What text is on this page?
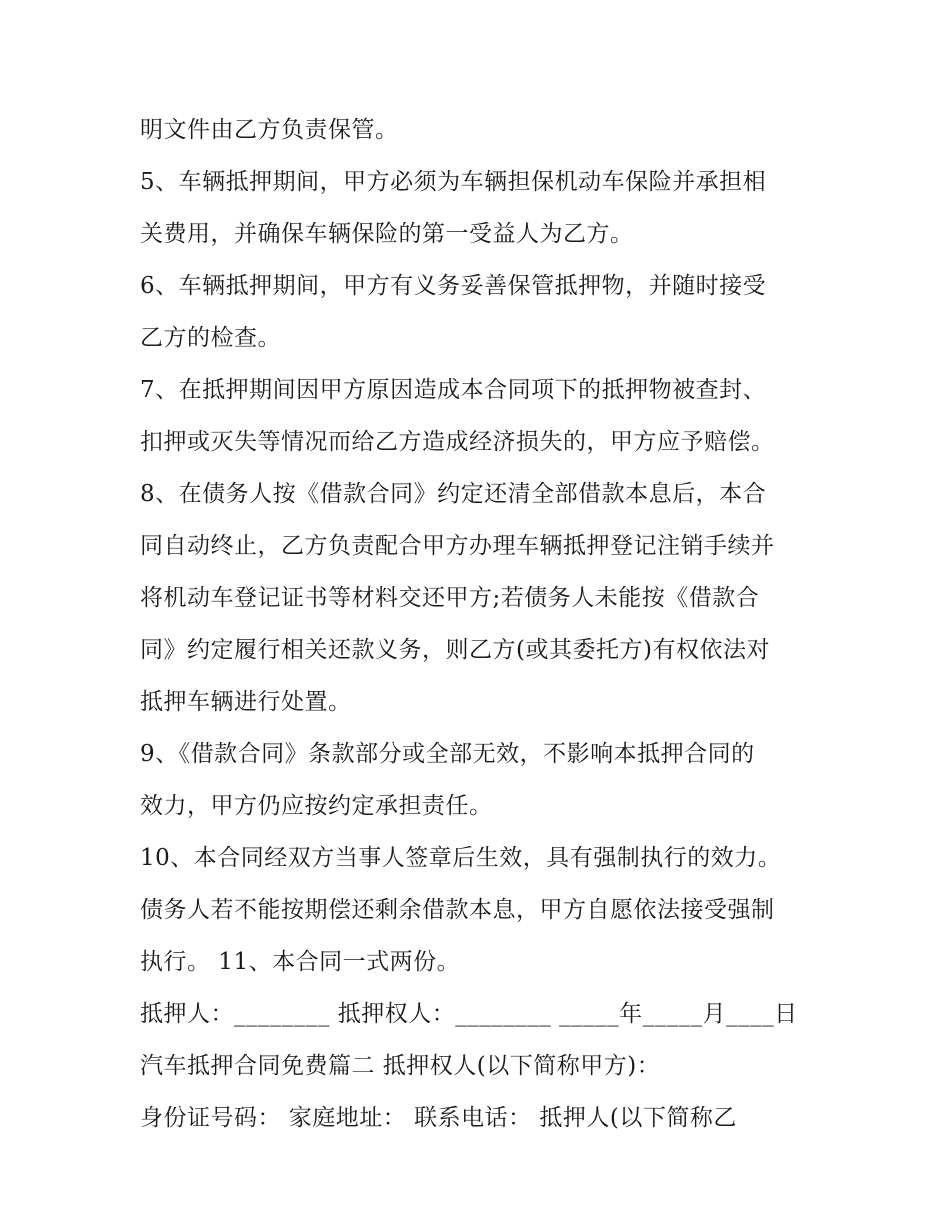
明文件由乙方负责保管。
5、车辆抵押期间，甲方必须为车辆担保机动车保险并承担相
关费用，并确保车辆保险的第一受益人为乙方。
6、车辆抵押期间，甲方有义务妥善保管抵押物，并随时接受
乙方的检查。
7、在抵押期间因甲方原因造成本合同项下的抵押物被查封、
扣押或灭失等情况而给乙方造成经济损失的，甲方应予赔偿。
8、在债务人按《借款合同》约定还清全部借款本息后，本合
同自动终止，乙方负责配合甲方办理车辆抵押登记注销手续并
将机动车登记证书等材料交还甲方;若债务人未能按《借款合
同》约定履行相关还款义务，则乙方(或其委托方)有权依法对
抵押车辆进行处置。
9、《借款合同》条款部分或全部无效，不影响本抵押合同的
效力，甲方仍应按约定承担责任。
10、本合同经双方当事人签章后生效，具有强制执行的效力。
债务人若不能按期偿还剩余借款本息，甲方自愿依法接受强制
执行。 11、本合同一式两份。
抵押人：________ 抵押权人：________ _____年_____月____日
汽车抵押合同免费篇二 抵押权人(以下简称甲方)：
身份证号码： 家庭地址： 联系电话： 抵押人(以下简称乙
